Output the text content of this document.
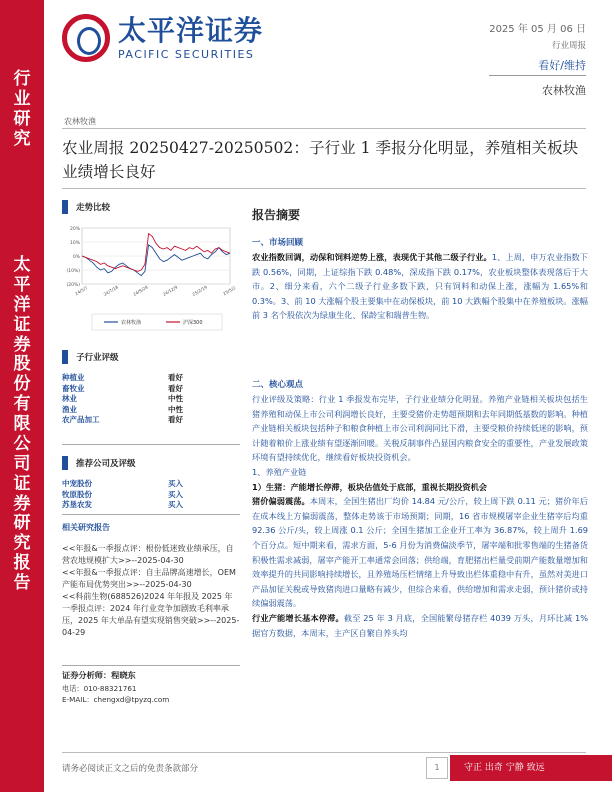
行
业
研
究
太
平
洋
证
券
股
份
有
限
公
司
证
券
研
究
报
告
太平洋证券
PACIFIC SECURITIES
2025 年 05 月 06 日
行业周报
看好/维持
农林牧渔
农林牧渔
农业周报 20250427-20250502：子行业 1 季报分化明显，养殖相关板块业绩增长良好
走势比较
20%
10%
0%
(10%)
(20%)
24/5/7	24/7/18	24/9/28	24/12/9	25/2/19	25/5/2
农林牧渔	沪深300
子行业评级
种植业	看好
畜牧业	看好
林业	中性
渔业	中性
农产品加工	看好
推荐公司及评级
中宠股份	买入
牧原股份	买入
苏垦农发	买入
相关研究报告
<<年报&一季报点评：根份低迷致业绩承压，自营农地规模扩大>>--2025-04-30
<<年报&一季报点评：自主品牌高速增长，OEM 产能布局优势突出>>--2025-04-30
<<科前生物(688526)2024 年年报及 2025 年一季报点评：2024 年行业竞争加剧致毛利率承压，2025 年大单品有望实现销售突破>>--2025-04-29
证券分析师：程晓东
电话：010-88321761
E-MAIL：chengxd@tpyzq.com
报告摘要
一、市场回顾
农业指数回调，动保和饲料逆势上涨，表现优于其他二级子行业。1、上周，申万农业指数下跌 0.56%，同期，上证综指下跌 0.48%，深成指下跌 0.17%，农业板块整体表现落后于大市。2、细分来看，六个二级子行业多数下跌，只有饲料和动保上涨，涨幅为 1.65%和 0.3%。3、前 10 大涨幅个股主要集中在动保板块，前 10 大跌幅个股集中在养殖板块。涨幅前 3 名个股依次为绿康生化、保龄宝和瑞普生物。
二、核心观点
行业评级及策略：行业 1 季报发布完毕，子行业业绩分化明显。养殖产业链相关板块包括生猪养殖和动保上市公司利润增长良好，主要受猪价走势超预期和去年同期低基数的影响。种植产业链相关板块包括种子和粮食种植上市公司利润同比下滑，主要受粮价持续低迷的影响，预计随着粮价上涨业绩有望逐渐回暖。关税反制事件凸显国内粮食安全的重要性，产业发展政策环境有望持续优化，继续看好板块投资机会。
1、养殖产业链
1）生猪：产能增长停滞，板块估值处于底部，重视长期投资机会
猪价偏弱震荡。本周末，全国生猪出厂均价 14.84 元/公斤，较上周下跌 0.11 元；猪价年后在成本线上方偏弱震荡，整体走势该于市场预期；同期，16 省市规模屠宰企业生猪宰后均重 92.36 公斤/头，较上周涨 0.1 公斤；全国生猪加工企业开工率为 36.87%，较上周升 1.69 个百分点。短中期来看，需求方面，5-6 月份为消费偏淡季节，屠宰端和批零售端的生猪备货积极性需求减弱，屠宰产能开工率通常会回落；供给端，育肥猪出栏量受前期产能数量增加和效率提升的共同影响持续增长，且养殖场压栏情绪上升导致出栏体重稳中有升，虽然对美进口产品加征关税或导致猪肉进口量略有减少，但综合来看，供给增加和需求走弱，预计猪价或持续偏弱震荡。
行业产能增长基本停滞。截至 25 年 3 月底，全国能繁母猪存栏 4039 万头，月环比减 1%据官方数据，本周末，主产区自繁自养头均
请务必阅读正文之后的免责条款部分	1	守正 出奇 宁静 致远
